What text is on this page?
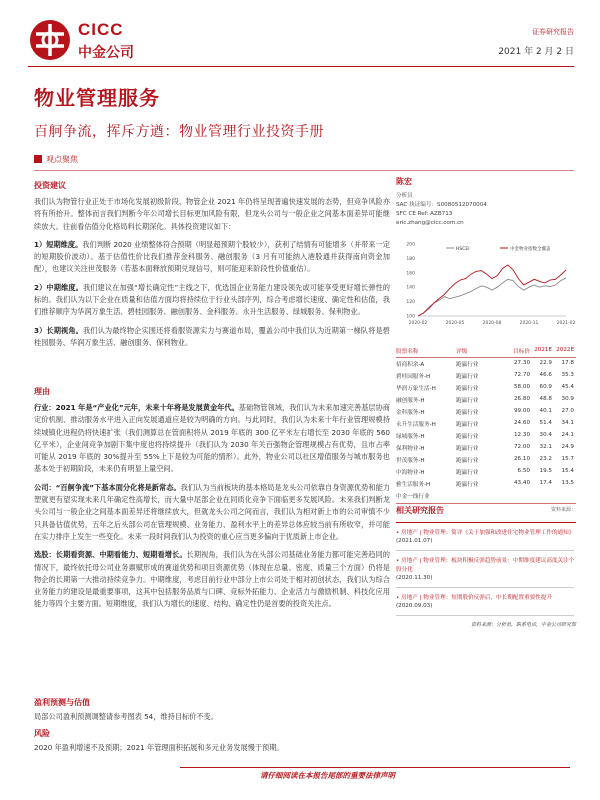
CICC
中金公司
证券研究报告
2021 年 2 月 2 日
物业管理服务
百舸争流，挥斥方遒：物业管理行业投资手册
观点聚焦
投资建议
我们认为物管行业正处于市场化发展初级阶段，物管企业 2021 年仍将呈现普遍快速发展的态势，但竞争风险亦将有所抬升。整体而言我们判断今年公司增长目标更加风险有限，但龙头公司与一般企业之间基本面差异可能继续放大。往前看估值分化格局料长期深化。具体投资建议如下：
1）短期维度。我们判断 2020 业绩整体符合预期（明显超预期个股较少），获利了结情有可能增多（并带来一定的短期股价波动）。基于估值性价比我们推荐金科服务、融创服务（3 月有可能纳入港股通并获得南向资金加配），也建议关注世茂服务（若基本面释放预期兑现信号，则可能迎来阶段性价值重估）。
2）中期维度。我们建议在加强“增长确定性”主线之下，优选国企业务能力建设领先或可能享受更好增长弹性的标的。我们认为以下企业在质量和估值方面均将持续位于行业头部序列，综合考虑增长速度、确定性和估值，我们推荐顺序为华润万象生活、碧桂园服务、融创服务、金科服务、永升生活服务、绿城服务、保利物业。
3）长期视角。我们认为最终物企实围还将看服资源实力与赛道布局，覆盖公司中我们认为近期第一梯队将是碧桂园服务、华润万象生活、融创服务、保利物业。
理由
行业：2021 年是“产业化”元年，未来十年将是发展黄金年代。基础物管领域，我们认为未来加速完善基层协商定价机制、推动服务水平进入正向发展通道应是较为明确的方向。与此同时，我们认为未来十年行业管理规模持续城镇化进程仍将快速扩张（我们测算总在管面积将从 2019 年底的 300 亿平米左右增长至 2030 年底的 560 亿平米），企业间竞争加剧下集中度也将持续提升（我们认为 2030 年关百强物企管理规模占有优势，且市占率可能从 2019 年底的 30%提升至 55%上下是较为可能的情形）。此外，物业公司以社区增值服务与城市服务也基本处于初期阶段，未来仍有明显上量空间。
公司：“百舸争流”下基本面分化将是新常态。我们认为当前板块的基本格局是龙头公司依靠自身资源优势和能力塑就更有望实现未来几年确定性高增长，而大量中尾部企业在同质化竞争下面临更多发展风险。未来我们判断龙头公司与一般企业之间基本面差异还将继续放大，但就龙头公司之间而言，我们认为相对新上市的公司审慎不少只具备估值优势，五年之后头部公司在管理规模、业务能力、盈利水平上的差异总体应较当前有所收窄，并可能在实力排序上发生一些变化。未来一段时间我们认为投资的重心应当更多偏向于优质新上市企业。
选股：长期看资源、中期看能力、短期看增长。长期视角，我们认为在头部公司基础业务能力都可能完善趋同的情况下，最终依托母公司业务禀赋形成的赛道优势和项目资源优势（体现在总量、密度、质量三个方面）仍将是物企的长期第一大推动持续竞争力。中期维度，考虑目前行业中部分上市公司处于相对初创状态，我们认为综合业务能力的建设是最重要事项，这其中包括服务品质与口碑、竞标外拓能力、企业活力与激励机制、科技化应用能力等四个主要方面。短期维度，我们认为增长的速度、结构、确定性仍是首要的投资关注点。
盈利预测与估值
局部公司盈利预测调整请参考图表 54，维持目标价不变。
风险
2020 年盈利增速不及预期；2021 年管理面积拓展和多元业务发展慢于预期。
陈宏
分析员
SAC 执证编号：S0080512070004
SFC CE Ref: AZB713
eric.zhang@cicc.com.cn
100
120
140
160
180
200
2020-02	2020-05	2020-08	2020-11	2021-02
HSCEI	中金物业指数全覆盖
股票名称	评级	目标价 2021E 2022E
招商积余-A	跑赢行业	27.30	22.9	17.8
碧桂园服务-H	跑赢行业	72.70	46.6	35.3
华润万象生活-H	跑赢行业	58.00	60.9	45.4
融创服务-H	跑赢行业	26.80	48.8	30.9
金科服务-H	跑赢行业	99.00	40.1	27.0
永升生活服务-H	跑赢行业	24.60	51.4	34.1
绿城服务-H	跑赢行业	12.30	30.4	24.1
保利物业-H	跑赢行业	72.00	32.1	24.9
世茂服务-H	跑赢行业	26.10	23.2	15.7
中海物业-H	跑赢行业	6.50	19.5	15.4
雅生活服务-H	跑赢行业	43.40	17.4	13.5
中金一线行业
资料来源：
相关研究报告
• 房地产 | 物业管理：简评《关于加强和改进住宅物业管理工作的通知》
(2021.01.07)
• 房地产 | 物业管理：板块积极反弹趋势前景：中期维度建议高度关注个股分化
(2020.11.30)
• 房地产 | 物业管理：短期股价反弹后，中长期配置重要性提升
(2020.09.03)
资料来源：分析员，联系电话，中金公司研究部
请仔细阅读在本报告尾部的重要法律声明
